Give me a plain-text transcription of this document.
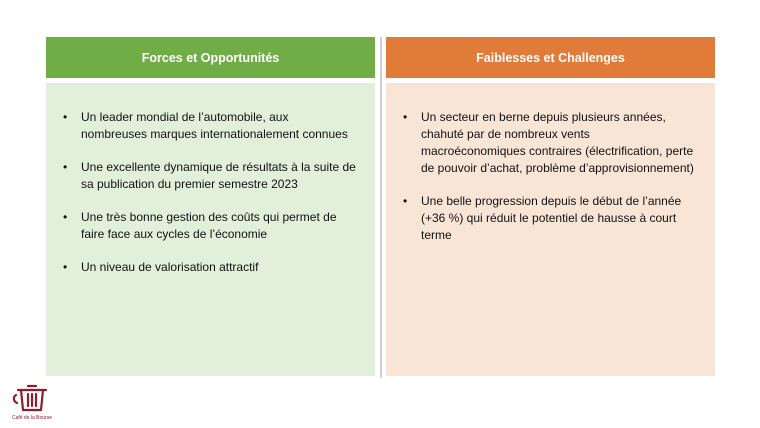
Forces et Opportunités
• Un leader mondial de l’automobile, aux nombreuses marques internationalement connues
• Une excellente dynamique de résultats à la suite de sa publication du premier semestre 2023
• Une très bonne gestion des coûts qui permet de faire face aux cycles de l’économie
• Un niveau de valorisation attractif
Faiblesses et Challenges
• Un secteur en berne depuis plusieurs années, chahuté par de nombreux vents macroéconomiques contraires (électrification, perte de pouvoir d’achat, problème d’approvisionnement)
• Une belle progression depuis le début de l’année (+36 %) qui réduit le potentiel de hausse à court terme
Café de la Bourse
